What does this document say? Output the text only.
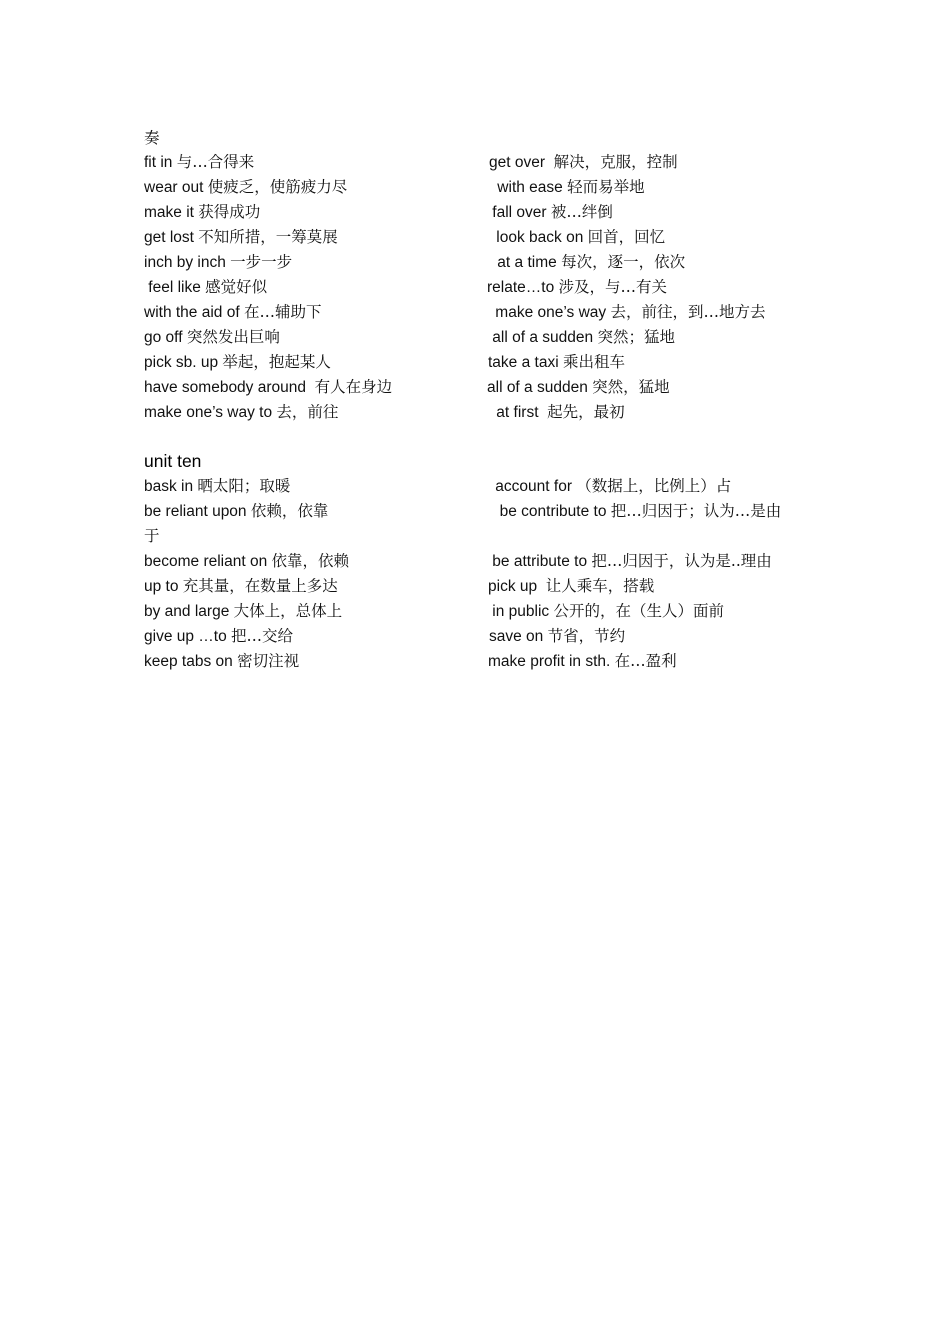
奏
fit in 与…合得来
wear out 使疲乏，使筋疲力尽
make it 获得成功
get lost 不知所措，一筹莫展
inch by inch 一步一步
feel like 感觉好似
with the aid of 在…辅助下
go off 突然发出巨响
pick sb. up 举起，抱起某人
have somebody around  有人在身边
make one’s way to 去，前往
get over  解决，克服，控制
with ease 轻而易举地
fall over 被…绊倒
look back on 回首，回忆
at a time 每次，逐一，依次
relate…to 涉及，与…有关
make one’s way 去，前往，到…地方去
all of a sudden 突然；猛地
take a taxi 乘出租车
all of a sudden 突然，猛地
at first  起先，最初
unit ten
bask in 晒太阳；取暖
be reliant upon 依赖，依靠
于
become reliant on 依靠，依赖
up to 充其量，在数量上多达
by and large 大体上，总体上
give up …to 把…交给
keep tabs on 密切注视
account for （数据上，比例上）占
be contribute to 把…归因于；认为…是由
be attribute to 把…归因于，认为是..理由
pick up  让人乘车，搭载
in public 公开的，在（生人）面前
save on 节省，节约
make profit in sth. 在…盈利
